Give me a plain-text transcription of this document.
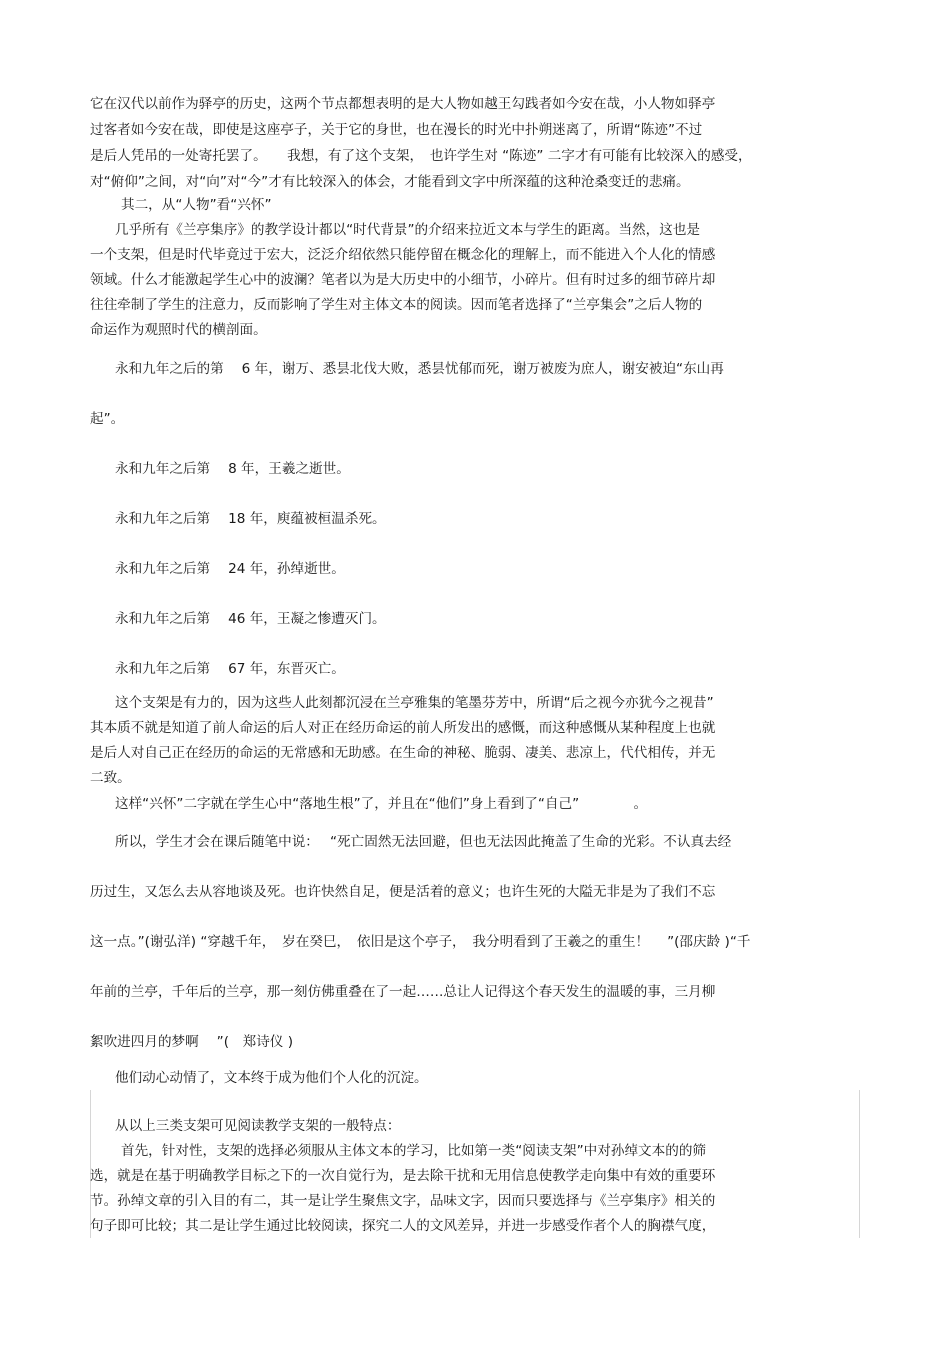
它在汉代以前作为驿亭的历史，这两个节点都想表明的是大人物如越王勾践者如今安在哉，小人物如驿亭
过客者如今安在哉，即使是这座亭子，关于它的身世，也在漫长的时光中扑朔迷离了，所谓“陈迹”不过
是后人凭吊的一处寄托罢了。　　我想，有了这个支架，　也许学生对 “陈迹” 二字才有可能有比较深入的感受，
对“俯仰”之间，对“向”对“今”才有比较深入的体会，才能看到文字中所深蕴的这种沧桑变迁的悲痛。
其二，从“人物”看“兴怀”
几乎所有《兰亭集序》的教学设计都以“时代背景”的介绍来拉近文本与学生的距离。当然，这也是
一个支架，但是时代毕竟过于宏大，泛泛介绍依然只能停留在概念化的理解上，而不能进入个人化的情感
领域。什么才能激起学生心中的波澜？笔者以为是大历史中的小细节，小碎片。但有时过多的细节碎片却
往往牵制了学生的注意力，反而影响了学生对主体文本的阅读。因而笔者选择了“兰亭集会”之后人物的
命运作为观照时代的横剖面。
永和九年之后的第　 6 年，谢万、悉昙北伐大败，悉昙忧郁而死，谢万被废为庶人，谢安被迫“东山再
起”。
永和九年之后第　 8 年，王羲之逝世。
永和九年之后第　 18 年，庾蕴被桓温杀死。
永和九年之后第　 24 年，孙绰逝世。
永和九年之后第　 46 年，王凝之惨遭灭门。
永和九年之后第　 67 年，东晋灭亡。
这个支架是有力的，因为这些人此刻都沉浸在兰亭雅集的笔墨芬芳中，所谓“后之视今亦犹今之视昔”
其本质不就是知道了前人命运的后人对正在经历命运的前人所发出的感慨，而这种感慨从某种程度上也就
是后人对自己正在经历的命运的无常感和无助感。在生命的神秘、脆弱、凄美、悲凉上，代代相传，并无
二致。
这样“兴怀”二字就在学生心中“落地生根”了，并且在“他们”身上看到了“自己”　　　　。
所以，学生才会在课后随笔中说：　 “死亡固然无法回避，但也无法因此掩盖了生命的光彩。不认真去经
历过生，又怎么去从容地谈及死。也许快然自足，便是活着的意义；也许生死的大隘无非是为了我们不忘
这一点。”(谢弘洋) “穿越千年，　岁在癸巳，　依旧是这个亭子，　我分明看到了王羲之的重生！　 ”(邵庆龄 )“千
年前的兰亭，千年后的兰亭，那一刻仿佛重叠在了一起……总让人记得这个春天发生的温暖的事，三月柳
絮吹进四月的梦啊　 ”(　郑诗仪 )
他们动心动情了，文本终于成为他们个人化的沉淀。
从以上三类支架可见阅读教学支架的一般特点：
首先，针对性，支架的选择必须服从主体文本的学习，比如第一类“阅读支架”中对孙绰文本的的筛
选，就是在基于明确教学目标之下的一次自觉行为，是去除干扰和无用信息使教学走向集中有效的重要环
节。孙绰文章的引入目的有二，其一是让学生聚焦文字，品味文字，因而只要选择与《兰亭集序》相关的
句子即可比较；其二是让学生通过比较阅读，探究二人的文风差异，并进一步感受作者个人的胸襟气度，
